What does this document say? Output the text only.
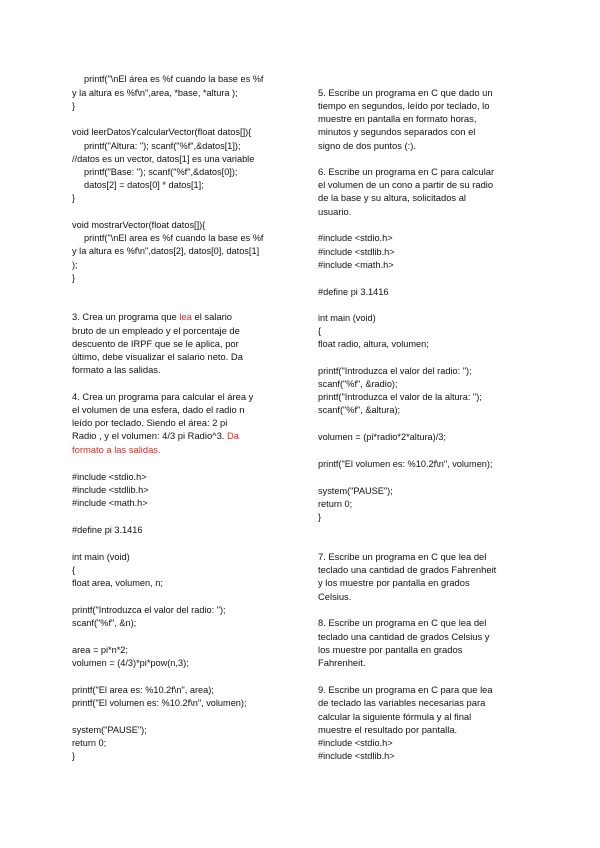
printf("\nEl área es %f cuando la base es %f
y la altura es %f\n",area, *base, *altura );
}
void leerDatosYcalcularVector(float datos[]){
printf("Altura: "); scanf("%f",&datos[1]);
//datos es un vector, datos[1] es una variable
printf("Base: "); scanf("%f",&datos[0]);
datos[2] = datos[0] * datos[1];
}
void mostrarVector(float datos[]){
printf("\nEl area es %f cuando la base es %f
y la altura es %f\n",datos[2], datos[0], datos[1]
);
}
3. Crea un programa que lea el salario
bruto de un empleado y el porcentaje de
descuento de IRPF que se le aplica, por
último, debe visualizar el salario neto. Da
formato a las salidas.
4. Crea un programa para calcular el área y
el volumen de una esfera, dado el radio n
leído por teclado. Siendo el área: 2 pi
Radio , y el volumen: 4/3 pi Radio^3. Da
formato a las salidas.
#include <stdio.h>
#include <stdlib.h>
#include <math.h>
#define pi 3.1416
int main (void)
{
float area, volumen, n;
printf("Introduzca el valor del radio: ");
scanf("%f", &n);
area = pi*n*2;
volumen = (4/3)*pi*pow(n,3);
printf("El area es: %10.2f\n", area);
printf("El volumen es: %10.2f\n", volumen);
system("PAUSE");
return 0;
}
5. Escribe un programa en C que dado un
tiempo en segundos, leído por teclado, lo
muestre en pantalla en formato horas,
minutos y segundos separados con el
signo de dos puntos (:).
6. Escribe un programa en C para calcular
el volumen de un cono a partir de su radio
de la base y su altura, solicitados al
usuario.
#include <stdio.h>
#include <stdlib.h>
#include <math.h>
#define pi 3.1416
int main (void)
{
float radio, altura, volumen;
printf("Introduzca el valor del radio: ");
scanf("%f", &radio);
printf("Introduzca el valor de la altura: ");
scanf("%f", &altura);
volumen = (pi*radio*2*altura)/3;
printf("El volumen es: %10.2f\n", volumen);
system("PAUSE");
return 0;
}
7. Escribe un programa en C que lea del
teclado una cantidad de grados Fahrenheit
y los muestre por pantalla en grados
Celsius.
8. Escribe un programa en C que lea del
teclado una cantidad de grados Celsius y
los muestre por pantalla en grados
Fahrenheit.
9. Escribe un programa en C para que lea
de teclado las variables necesarias para
calcular la siguiente fórmula y al final
muestre el resultado por pantalla.
#include <stdio.h>
#include <stdlib.h>
